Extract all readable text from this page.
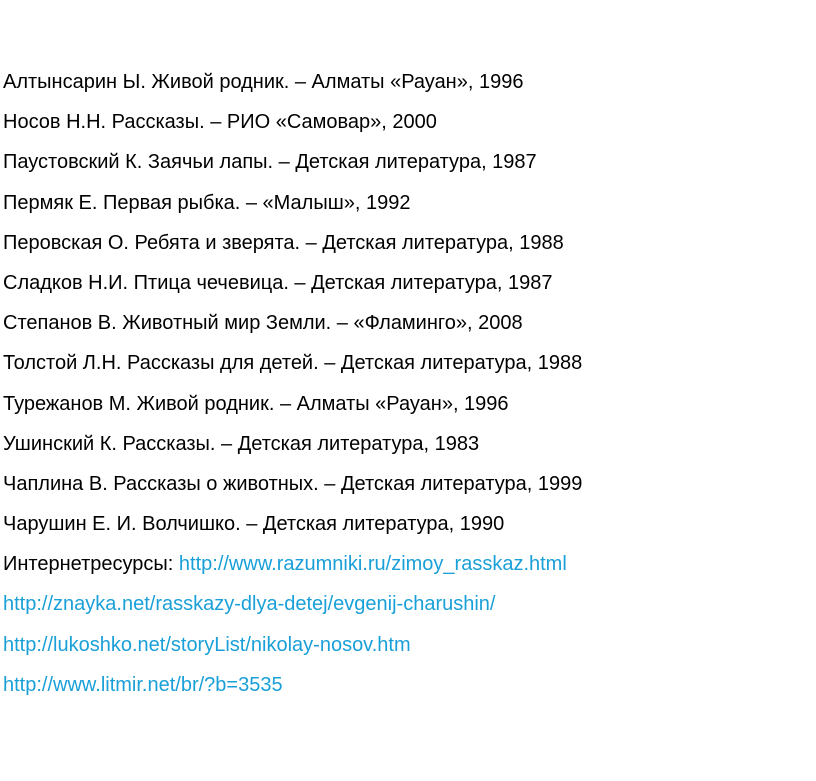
Алтынсарин Ы. Живой родник. – Алматы «Рауан», 1996
Носов Н.Н. Рассказы. – РИО «Самовар», 2000
Паустовский К. Заячьи лапы. – Детская литература, 1987
Пермяк Е. Первая рыбка. – «Малыш», 1992
Перовская О. Ребята и зверята. – Детская литература, 1988
Сладков Н.И. Птица чечевица. – Детская литература, 1987
Степанов В. Животный мир Земли. – «Фламинго», 2008
Толстой Л.Н. Рассказы для детей. – Детская литература, 1988
Турежанов М. Живой родник. – Алматы «Рауан», 1996
Ушинский К. Рассказы. – Детская литература, 1983
Чаплина В. Рассказы о животных. – Детская литература, 1999
Чарушин Е. И. Волчишко. – Детская литература, 1990
Интернетресурсы: http://www.razumniki.ru/zimoy_rasskaz.html
http://znayka.net/rasskazy-dlya-detej/evgenij-charushin/
http://lukoshko.net/storyList/nikolay-nosov.htm
http://www.litmir.net/br/?b=3535
